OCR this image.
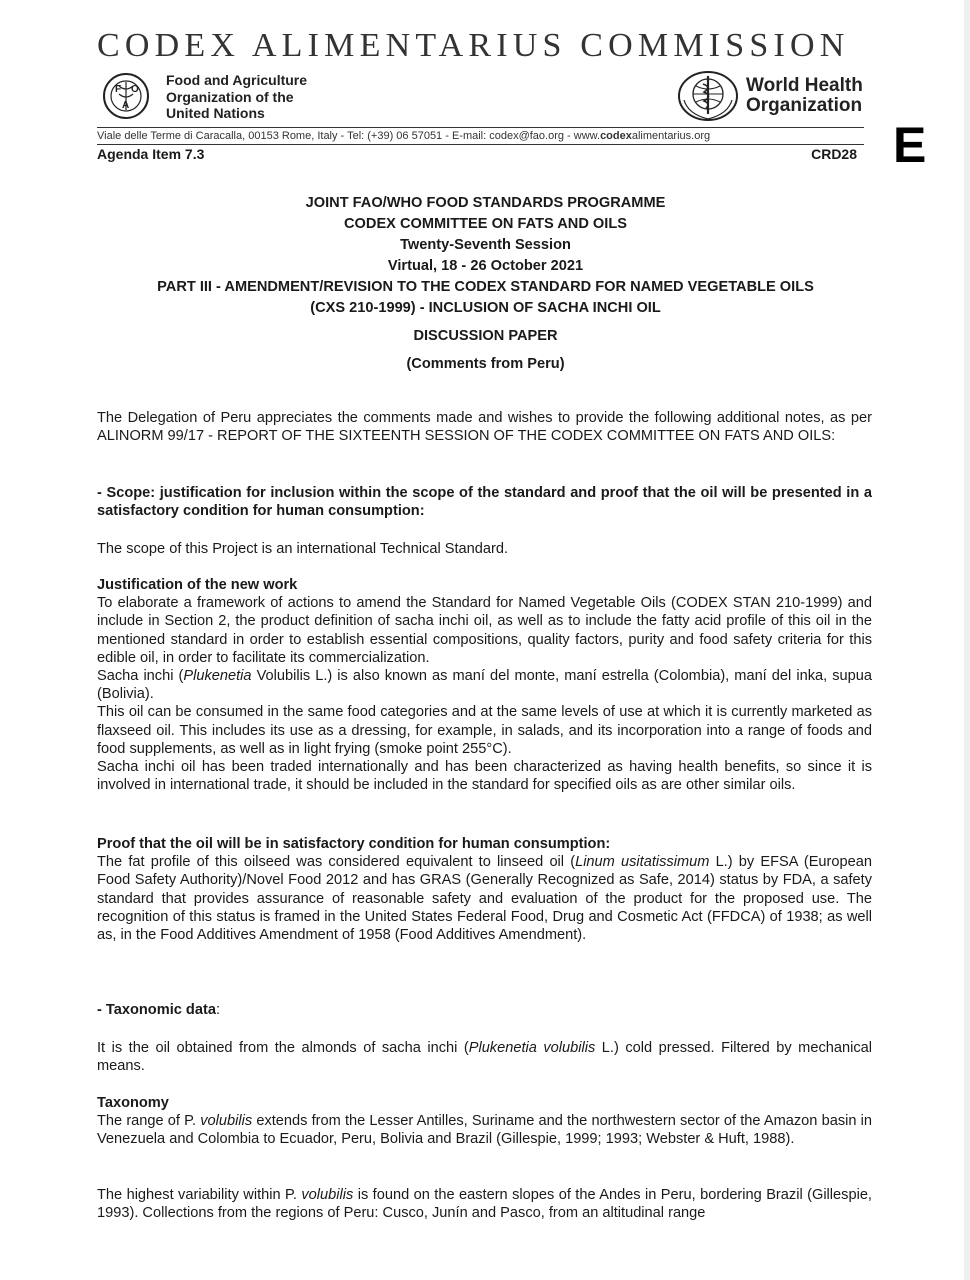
CODEX ALIMENTARIUS COMMISSION
F O
A
Food and Agriculture
Organization of the
United Nations
World Health
Organization
Viale delle Terme di Caracalla, 00153 Rome, Italy - Tel: (+39) 06 57051 - E-mail: codex@fao.org - www.codexalimentarius.org
Agenda Item 7.3	CRD28 E
JOINT FAO/WHO FOOD STANDARDS PROGRAMME
CODEX COMMITTEE ON FATS AND OILS
Twenty-Seventh Session
Virtual, 18 - 26 October 2021
PART III - AMENDMENT/REVISION TO THE CODEX STANDARD FOR NAMED VEGETABLE OILS
(CXS 210-1999) - INCLUSION OF SACHA INCHI OIL
DISCUSSION PAPER
(Comments from Peru)
The Delegation of Peru appreciates the comments made and wishes to provide the following additional notes, as per ALINORM 99/17 - REPORT OF THE SIXTEENTH SESSION OF THE CODEX COMMITTEE ON FATS AND OILS:
- Scope: justification for inclusion within the scope of the standard and proof that the oil will be presented in a satisfactory condition for human consumption:
The scope of this Project is an international Technical Standard.

Justification of the new work

To elaborate a framework of actions to amend the Standard for Named Vegetable Oils (CODEX STAN 210-1999) and include in Section 2, the product definition of sacha inchi oil, as well as to include the fatty acid profile of this oil in the mentioned standard in order to establish essential compositions, quality factors, purity and food safety criteria for this edible oil, in order to facilitate its commercialization.

Sacha inchi (Plukenetia Volubilis L.) is also known as maní del monte, maní estrella (Colombia), maní del inka, supua (Bolivia).

This oil can be consumed in the same food categories and at the same levels of use at which it is currently marketed as flaxseed oil. This includes its use as a dressing, for example, in salads, and its incorporation into a range of foods and food supplements, as well as in light frying (smoke point 255°C).

Sacha inchi oil has been traded internationally and has been characterized as having health benefits, so since it is involved in international trade, it should be included in the standard for specified oils as are other similar oils.

Proof that the oil will be in satisfactory condition for human consumption:

The fat profile of this oilseed was considered equivalent to linseed oil (Linum usitatissimum L.) by EFSA (European Food Safety Authority)/Novel Food 2012 and has GRAS (Generally Recognized as Safe, 2014) status by FDA, a safety standard that provides assurance of reasonable safety and evaluation of the product for the proposed use. The recognition of this status is framed in the United States Federal Food, Drug and Cosmetic Act (FFDCA) of 1938; as well as, in the Food Additives Amendment of 1958 (Food Additives Amendment).

- Taxonomic data:
It is the oil obtained from the almonds of sacha inchi (Plukenetia volubilis L.) cold pressed. Filtered by mechanical means.

Taxonomy

The range of P. volubilis extends from the Lesser Antilles, Suriname and the northwestern sector of the Amazon basin in Venezuela and Colombia to Ecuador, Peru, Bolivia and Brazil (Gillespie, 1999; 1993; Webster & Huft, 1988).

The highest variability within P. volubilis is found on the eastern slopes of the Andes in Peru, bordering Brazil (Gillespie, 1993). Collections from the regions of Peru: Cusco, Junín and Pasco, from an altitudinal range
